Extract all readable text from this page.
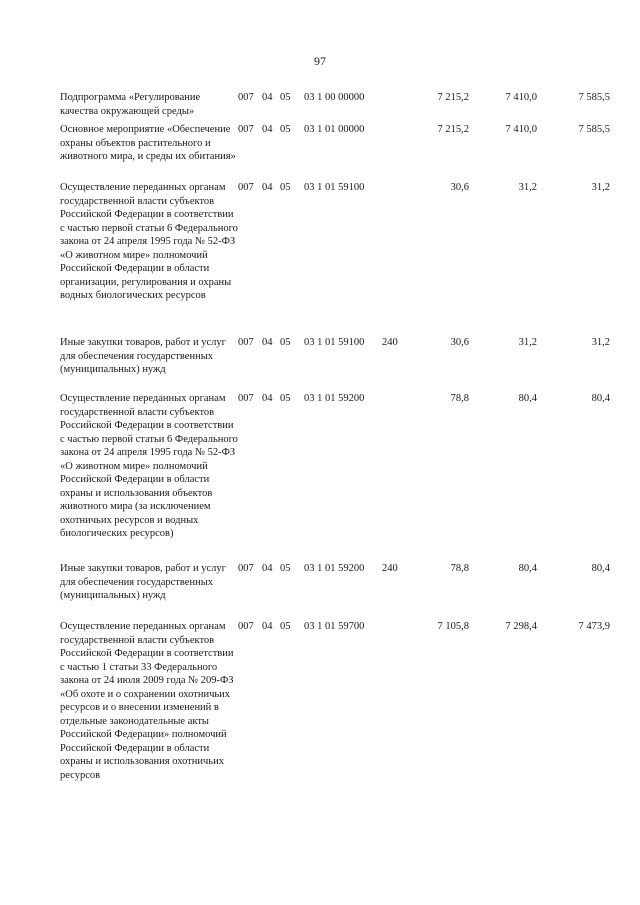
97
Подпрограмма «Регулирование качества окружающей среды»
007 04 05 03 1 00 00000	7 215,2	7 410,0	7 585,5
Основное мероприятие «Обеспечение охраны объектов растительного и животного мира, и среды их обитания»
007 04 05 03 1 01 00000	7 215,2	7 410,0	7 585,5
Осуществление переданных органам государственной власти субъектов Российской Федерации в соответствии с частью первой статьи 6 Федерального закона от 24 апреля 1995 года № 52-ФЗ «О животном мире» полномочий Российской Федерации в области организации, регулирования и охраны водных биологических ресурсов
007 04 05 03 1 01 59100	30,6	31,2	31,2
Иные закупки товаров, работ и услуг для обеспечения государственных (муниципальных) нужд
007 04 05 03 1 01 59100 240	30,6	31,2	31,2
Осуществление переданных органам государственной власти субъектов Российской Федерации в соответствии с частью первой статьи 6 Федерального закона от 24 апреля 1995 года № 52-ФЗ «О животном мире» полномочий Российской Федерации в области охраны и использования объектов животного мира (за исключением охотничьих ресурсов и водных биологических ресурсов)
007 04 05 03 1 01 59200	78,8	80,4	80,4
Иные закупки товаров, работ и услуг для обеспечения государственных (муниципальных) нужд
007 04 05 03 1 01 59200 240	78,8	80,4	80,4
Осуществление переданных органам государственной власти субъектов Российской Федерации в соответствии с частью 1 статьи 33 Федерального закона от 24 июля 2009 года № 209-ФЗ «Об охоте и о сохранении охотничьих ресурсов и о внесении изменений в отдельные законодательные акты Российской Федерации» полномочий Российской Федерации в области охраны и использования охотничьих ресурсов
007 04 05 03 1 01 59700	7 105,8	7 298,4	7 473,9
